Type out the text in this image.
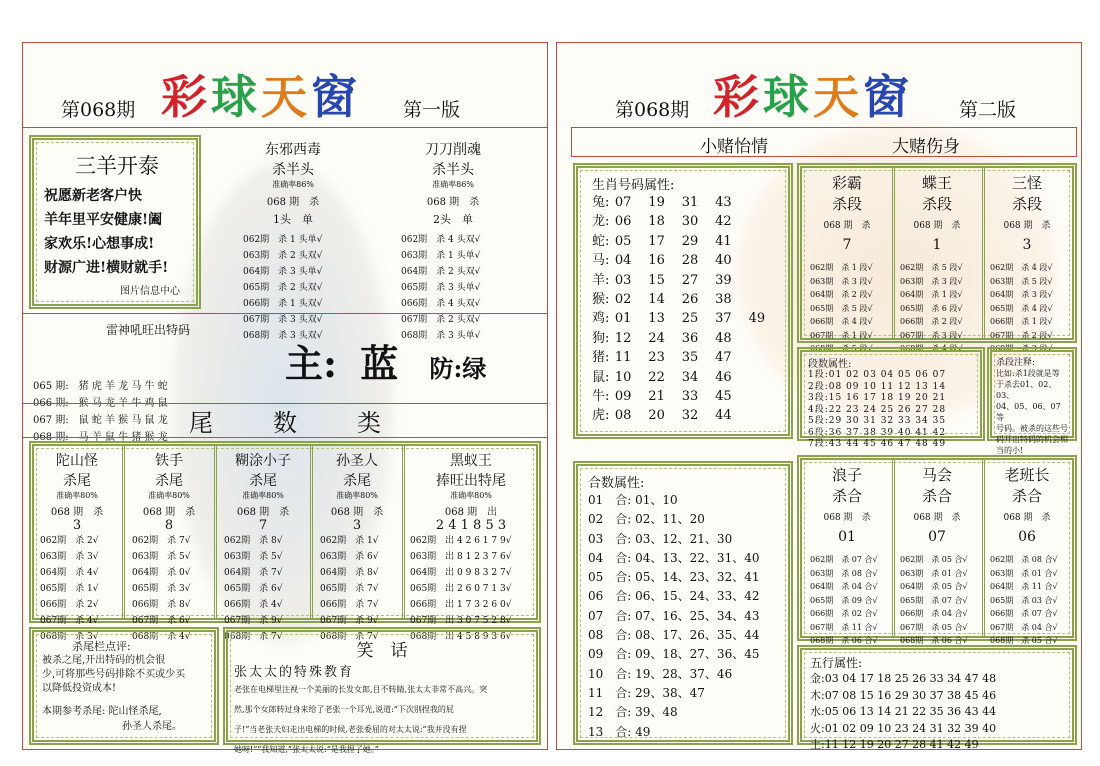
第068期 彩球天窗 第一版
三羊开泰
祝愿新老客户快
羊年里平安健康!阖
家欢乐!心想事成!
财源广进!横财就手!
图片信息中心
东邪西毒
杀半头
准确率86%
068 期　杀
1头　单
062期　杀 1 头单√
063期　杀 2 头双√
064期　杀 3 头单√
065期　杀 2 头双√
066期　杀 1 头双√
067期　杀 3 头双√
068期　杀 3 头双√
刀刀削魂
杀半头
准确率86%
068 期　杀
2头　单
062期　杀 4 头双√
063期　杀 1 头单√
064期　杀 2 头双√
065期　杀 3 头单√
066期　杀 4 头双√
067期　杀 2 头双√
068期　杀 3 头单√
雷神吼旺出特码

065 期:　猪 虎 羊 龙 马 牛 蛇
066 期:　猴 马 龙 羊 牛 鸡 鼠
067 期:　鼠 蛇 羊 猴 马 鼠 龙
068 期:　马 羊 鼠 牛 猪 猴 龙

主: 蓝 防:绿
尾	数	类
陀山怪
杀尾
准确率80%
068 期　杀
3
062期　杀 2√
063期　杀 3√
064期　杀 4√
065期　杀 1√
066期　杀 2√
067期　杀 4√
068期　杀 3√
铁手
杀尾
准确率80%
068 期　杀
8
062期　杀 7√
063期　杀 5√
064期　杀 0√
065期　杀 3√
066期　杀 8√
067期　杀 6√
068期　杀 4√
糊涂小子
杀尾
准确率80%
068 期　杀
7
062期　杀 8√
063期　杀 5√
064期　杀 7√
065期　杀 6√
066期　杀 4√
067期　杀 9√
068期　杀 7√
孙圣人
杀尾
准确率80%
068 期　杀
3
062期　杀 1√
063期　杀 6√
064期　杀 8√
065期　杀 7√
066期　杀 7√
067期　杀 9√
068期　杀 7√
黑蚁王
捧旺出特尾
准确率80%
068 期　出
2 4 1 8 5 3
062期　出 4 2 6 1 7 9√
063期　出 8 1 2 3 7 6√
064期　出 0 9 8 3 2 7√
065期　出 2 6 0 7 1 3√
066期　出 1 7 3 2 6 0√
067期　出 3 0 7 5 2 8√
068期　出 4 5 8 9 3 6√
杀尾栏点评:
被杀之尾,开出特码的机会很
少,可将那些号码排除不买或少买
以降低投资成本!
本期参考杀尾: 陀山怪杀尾,
孙圣人杀尾。
笑　话
张太太的特殊教育
老张在电梯里注视一个美丽的长发女郎,目不转睛,张太太非常不高兴。突
然,那个女郎转过身来给了老张一个耳光,说道:“下次别捏我的屁
子!”当老张夫妇走出电梯的时候,老张委屈的对太太说:“我并没有捏
她呀!”“我知道,”张太太说:“是我捏了她。”
第068期 彩球天窗 第二版
小赌怡情	大赌伤身
生肖号码属性:
兔: 07	19	31	43
龙: 06	18	30	42
蛇: 05	17	29	41
马: 04	16	28	40
羊: 03	15	27	39
猴: 02	14	26	38
鸡: 01	13	25	37	49
狗: 12	24	36	48
猪: 11	23	35	47
鼠: 10	22	34	46
牛: 09	21	33	45
虎: 08	20	32	44
彩霸
杀段
068 期　杀
7
062期　杀 1 段√
063期　杀 3 段√
064期　杀 2 段√
065期　杀 5 段√
066期　杀 4 段√
067期　杀 1 段√
068期　杀 5 段√
蝶王
杀段
068 期　杀
1
062期　杀 5 段√
063期　杀 3 段√
064期　杀 1 段√
065期　杀 6 段√
066期　杀 2 段√
067期　杀 3 段√
068期　杀 4 段√
三怪
杀段
068 期　杀
3
062期　杀 4 段√
063期　杀 5 段√
064期　杀 3 段√
065期　杀 4 段√
066期　杀 1 段√
067期　杀 2 段√
068期　杀 3 段√
段数属性:
1段:01 02 03 04 05 06 07
2段:08 09 10 11 12 13 14
3段:15 16 17 18 19 20 21
4段:22 23 24 25 26 27 28
5段:29 30 31 32 33 34 35
6段:36 37 38 39 40 41 42
7段:43 44 45 46 47 48 49
杀段注释:
比如:杀1段就是等
于杀去01、02、03、
04、05、06、07 等
号码。被杀的这些号
码开出特码的机会相
当的小!
合数属性:
01　合: 01、10
02　合: 02、11、20
03　合: 03、12、21、30
04　合: 04、13、22、31、40
05　合: 05、14、23、32、41
06　合: 06、15、24、33、42
07　合: 07、16、25、34、43
08　合: 08、17、26、35、44
09　合: 09、18、27、36、45
10　合: 19、28、37、46
11　合: 29、38、47
12　合: 39、48
13　合: 49
浪子
杀合
068 期　杀
01
062期　杀 07 合√
063期　杀 08 合√
064期　杀 04 合√
065期　杀 09 合√
066期　杀 02 合√
067期　杀 11 合√
068期　杀 06 合√
马会
杀合
068 期　杀
07
062期　杀 05 合√
063期　杀 01 合√
064期　杀 05 合√
065期　杀 07 合√
066期　杀 04 合√
067期　杀 05 合√
068期　杀 06 合√
老班长
杀合
068 期　杀
06
062期　杀 08 合√
063期　杀 01 合√
064期　杀 11 合√
065期　杀 03 合√
066期　杀 07 合√
067期　杀 04 合√
068期　杀 05 合√
五行属性:
金:03 04 17 18 25 26 33 34 47 48
木:07 08 15 16 29 30 37 38 45 46
水:05 06 13 14 21 22 35 36 43 44
火:01 02 09 10 23 24 31 32 39 40
土:11 12 19 20 27 28 41 42 49
